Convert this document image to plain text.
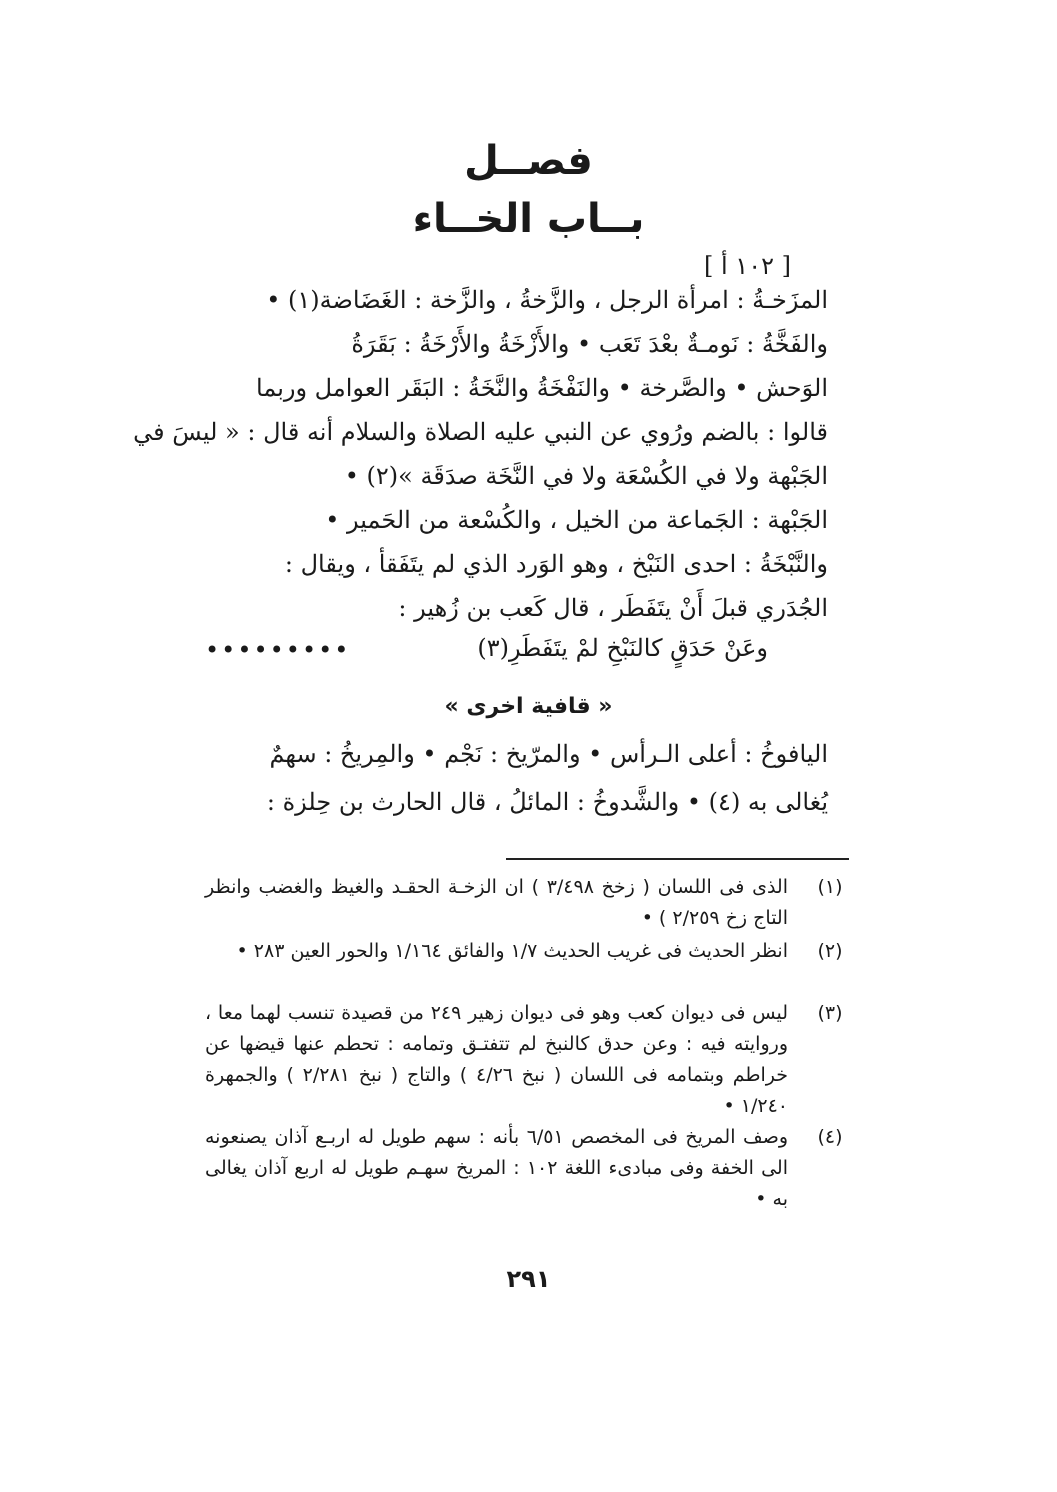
فصــل
بــاب الخــاء
[ ١٠٢ أ ]
المزَخـةُ : امرأة الرجل ، والزَّخةُ ، والزَّخة : الغَضَاضة(١) •
والفَخَّةُ : نَومـةٌ بعْدَ تَعَب • والأَزْخَةُ والأَرْخَةُ : بَقَرَةُ
الوَحش • والصَّرخة • والنَفْخَةُ والنَّخَةُ : البَقَر العوامل وربما
قالوا : بالضم ورُوي عن النبي عليه الصلاة والسلام أنه قال : « ليسَ في
الجَبْهة ولا في الكُسْعَة ولا في النَّخَة صدَقَة »(٢) •
الجَبْهة : الجَماعة من الخيل ، والكُسْعة من الحَمير •
والنَّبْخَةُ : احدى النَبْخ ، وهو الوَرد الذي لم يتَفَقأ ، ويقال :
الجُدَري قبلَ أَنْ يتَفَطَر ، قال كَعب بن زُهير :
وعَنْ حَدَقٍ كالنَبْخِ لمْ يتَفَطَرِ(٣)
•••••••••
« قافية اخرى »
اليافوخُ : أعلى الـرأس • والمرّيخ : نَجْم • والمِريخُ : سهمٌ
يُغالى به (٤) • والشَّدوخُ : المائلُ ، قال الحارث بن حِلزة :
(١)
الذى فى اللسان ( زخخ ٣/٤٩٨ ) ان الزخـة الحقـد والغيظ والغضب وانظر التاج زخ ٢/٢٥٩ ) •
(٢)
انظر الحديث فى غريب الحديث ١/٧ والفائق ١/١٦٤ والحور العين ٢٨٣ •
(٣)
ليس فى ديوان كعب وهو فى ديوان زهير ٢٤٩ من قصيدة تنسب لهما معا ، وروايته فيه : وعن حدق كالنبخ لم تتفتـق وتمامه : تحطم عنها قيضها عن خراطم وبتمامه فى اللسان ( نبخ ٤/٢٦ ) والتاج ( نبخ ٢/٢٨١ ) والجمهرة ١/٢٤٠ •
(٤)
وصف المريخ فى المخصص ٦/٥١ بأنه : سهم طويل له اربـع آذان يصنعونه الى الخفة وفى مبادىء اللغة ١٠٢ : المريخ سهـم طويل له اربع آذان يغالى به •
٢٩١
